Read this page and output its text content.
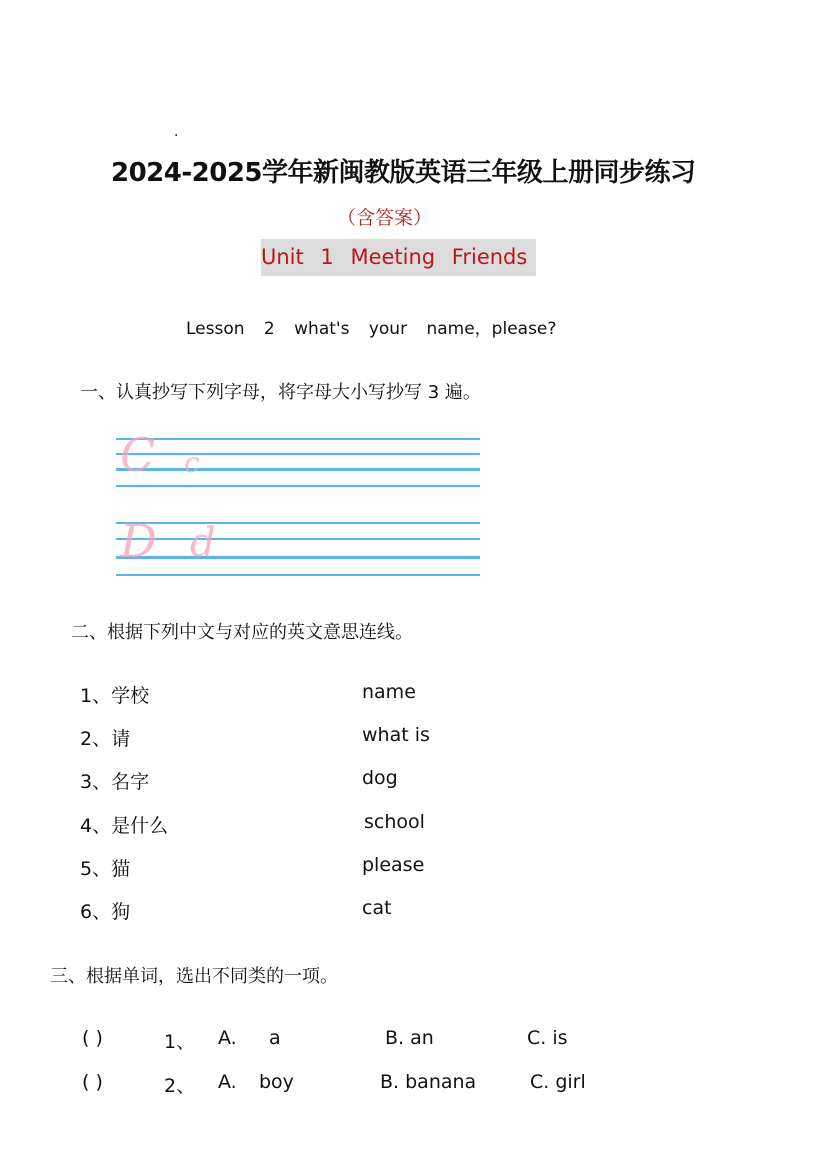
.
2024-2025学年新闽教版英语三年级上册同步练习
（含答案）
Unit 1 Meeting Friends
Lesson 2 what's your name，please?
一、认真抄写下列字母，将字母大小写抄写 3 遍。
C c
D d
二、根据下列中文与对应的英文意思连线。
1、学校	name
2、请	what is
3、名字	dog
4、是什么	school
5、猫	please
6、狗	cat
三、根据单词，选出不同类的一项。
( )	1、 A. a	B. an	C. is
( )	2、 A. boy	B. banana	C. girl
